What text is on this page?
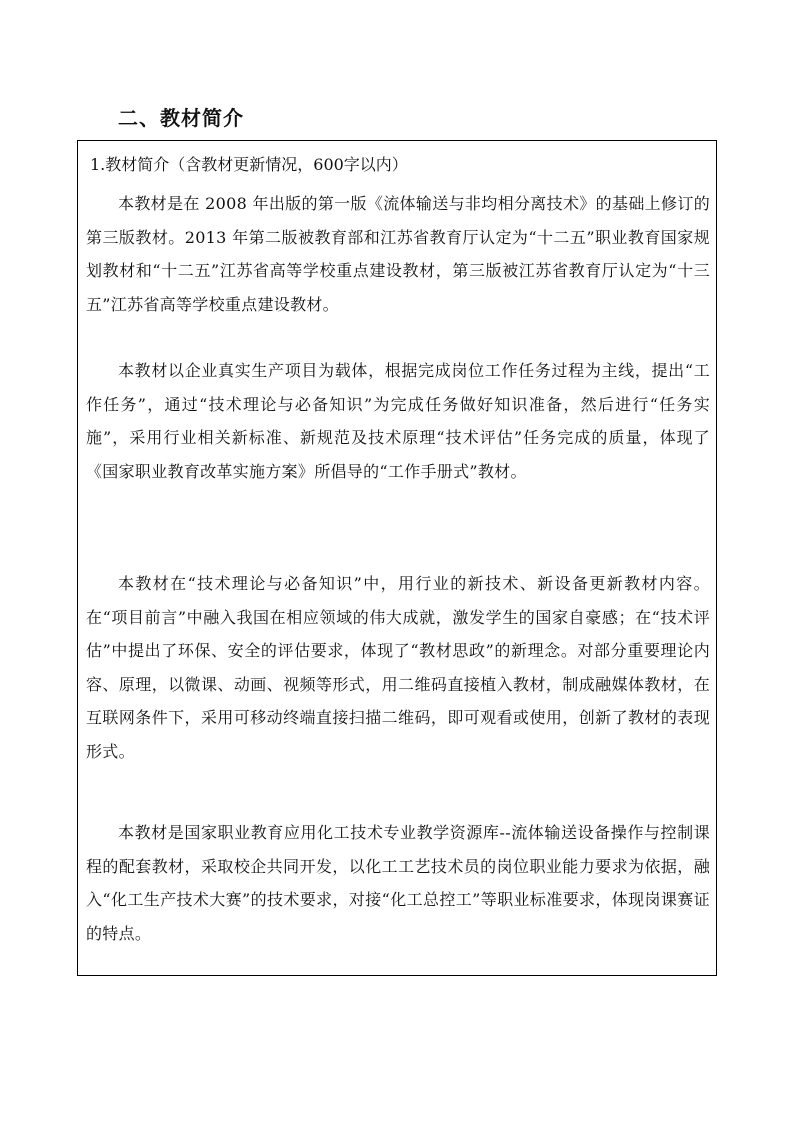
二、教材简介
1.教材简介（含教材更新情况，600字以内）

本教材是在 2008 年出版的第一版《流体输送与非均相分离技术》的基础上修订的第三版教材。2013 年第二版被教育部和江苏省教育厅认定为“十二五”职业教育国家规划教材和“十二五”江苏省高等学校重点建设教材，第三版被江苏省教育厅认定为“十三五”江苏省高等学校重点建设教材。

本教材以企业真实生产项目为载体，根据完成岗位工作任务过程为主线，提出“工作任务”，通过“技术理论与必备知识”为完成任务做好知识准备，然后进行“任务实施”，采用行业相关新标准、新规范及技术原理“技术评估”任务完成的质量，体现了《国家职业教育改革实施方案》所倡导的“工作手册式”教材。

本教材在“技术理论与必备知识”中，用行业的新技术、新设备更新教材内容。在“项目前言”中融入我国在相应领域的伟大成就，激发学生的国家自豪感；在“技术评估”中提出了环保、安全的评估要求，体现了“教材思政”的新理念。对部分重要理论内容、原理，以微课、动画、视频等形式，用二维码直接植入教材，制成融媒体教材，在互联网条件下，采用可移动终端直接扫描二维码，即可观看或使用，创新了教材的表现形式。

本教材是国家职业教育应用化工技术专业教学资源库--流体输送设备操作与控制课程的配套教材，采取校企共同开发，以化工工艺技术员的岗位职业能力要求为依据，融入“化工生产技术大赛”的技术要求，对接“化工总控工”等职业标准要求，体现岗课赛证的特点。
